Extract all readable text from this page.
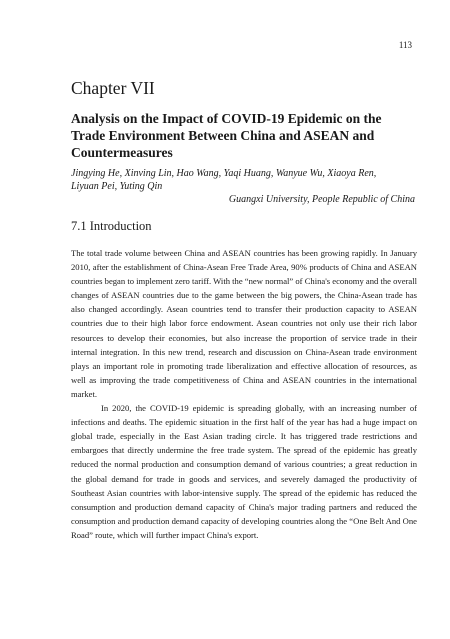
113
Chapter VII
Analysis on the Impact of COVID-19 Epidemic on the Trade Environment Between China and ASEAN and Countermeasures
Jingying He, Xinving Lin, Hao Wang, Yaqi Huang, Wanyue Wu, Xiaoya Ren, Liyuan Pei, Yuting Qin
Guangxi University, People Republic of China
7.1 Introduction

The total trade volume between China and ASEAN countries has been growing rapidly. In January 2010, after the establishment of China-Asean Free Trade Area, 90% products of China and ASEAN countries began to implement zero tariff. With the “new normal” of China's economy and the overall changes of ASEAN countries due to the game between the big powers, the China-Asean trade has also changed accordingly. Asean countries tend to transfer their production capacity to ASEAN countries due to their high labor force endowment. Asean countries not only use their rich labor resources to develop their economies, but also increase the proportion of service trade in their internal integration. In this new trend, research and discussion on China-Asean trade environment plays an important role in promoting trade liberalization and effective allocation of resources, as well as improving the trade competitiveness of China and ASEAN countries in the international market.

In 2020, the COVID-19 epidemic is spreading globally, with an increasing number of infections and deaths. The epidemic situation in the first half of the year has had a huge impact on global trade, especially in the East Asian trading circle. It has triggered trade restrictions and embargoes that directly undermine the free trade system. The spread of the epidemic has greatly reduced the normal production and consumption demand of various countries; a great reduction in the global demand for trade in goods and services, and severely damaged the productivity of Southeast Asian countries with labor-intensive supply. The spread of the epidemic has reduced the consumption and production demand capacity of China's major trading partners and reduced the consumption and production demand capacity of developing countries along the “One Belt And One Road” route, which will further impact China's export.
